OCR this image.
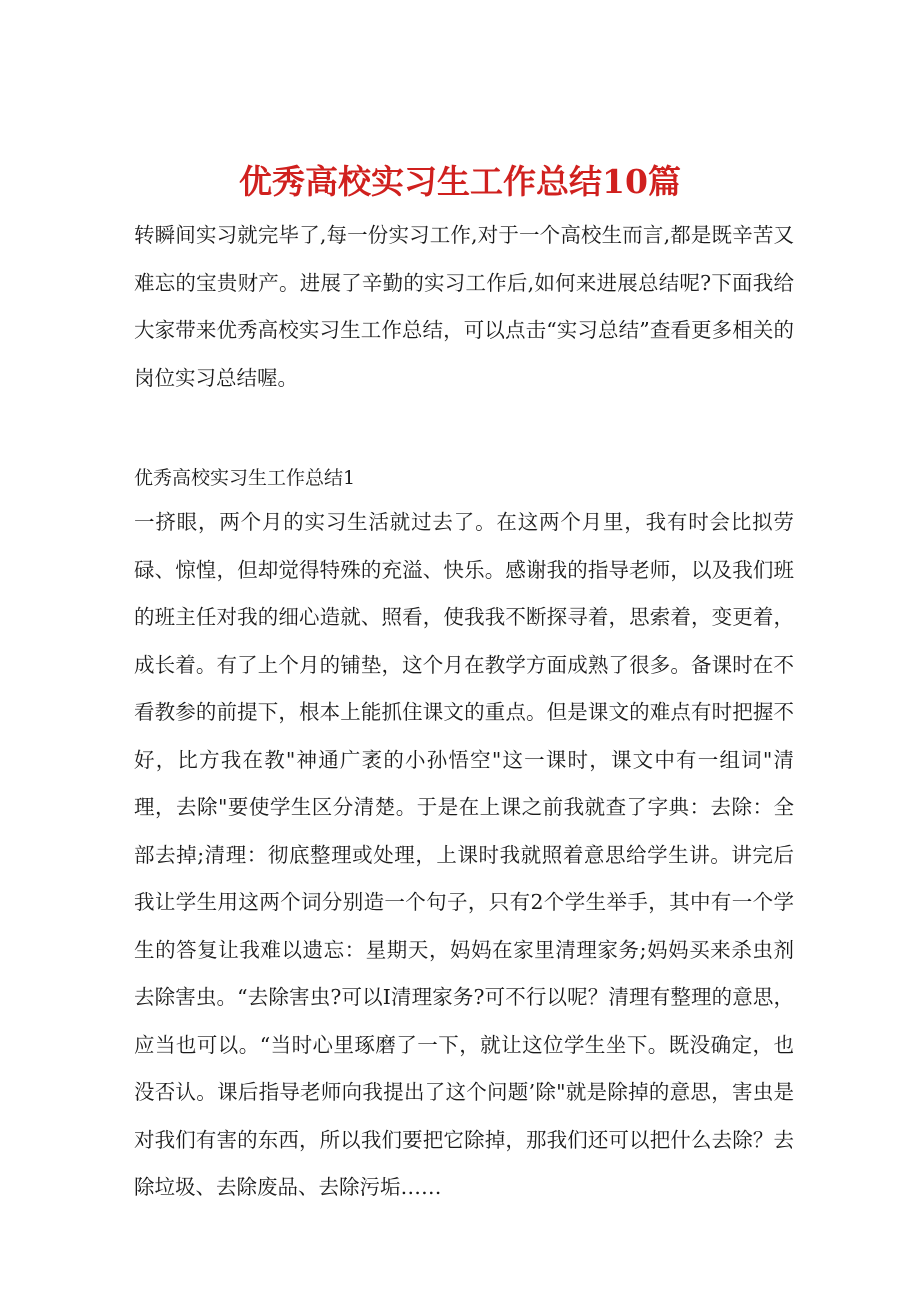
优秀高校实习生工作总结10篇

转瞬间实习就完毕了,每一份实习工作,对于一个高校生而言,都是既辛苦又难忘的宝贵财产。进展了辛勤的实习工作后,如何来进展总结呢?下面我给大家带来优秀高校实习生工作总结，可以点击“实习总结”查看更多相关的岗位实习总结喔。

优秀高校实习生工作总结1

一挤眼，两个月的实习生活就过去了。在这两个月里，我有时会比拟劳碌、惊惶，但却觉得特殊的充溢、快乐。感谢我的指导老师，以及我们班的班主任对我的细心造就、照看，使我我不断探寻着，思索着，变更着，成长着。有了上个月的铺垫，这个月在教学方面成熟了很多。备课时在不看教参的前提下，根本上能抓住课文的重点。但是课文的难点有时把握不好，比方我在教"神通广袤的小孙悟空"这一课时，课文中有一组词"清理，去除"要使学生区分清楚。于是在上课之前我就查了字典：去除：全部去掉;清理：彻底整理或处理，上课时我就照着意思给学生讲。讲完后我让学生用这两个词分别造一个句子，只有2个学生举手，其中有一个学生的答复让我难以遗忘：星期天，妈妈在家里清理家务;妈妈买来杀虫剂去除害虫。“去除害虫?可以I清理家务?可不行以呢？清理有整理的意思，应当也可以。“当时心里琢磨了一下，就让这位学生坐下。既没确定，也没否认。课后指导老师向我提出了这个问题’除"就是除掉的意思，害虫是对我们有害的东西，所以我们要把它除掉，那我们还可以把什么去除？去除垃圾、去除废品、去除污垢……
